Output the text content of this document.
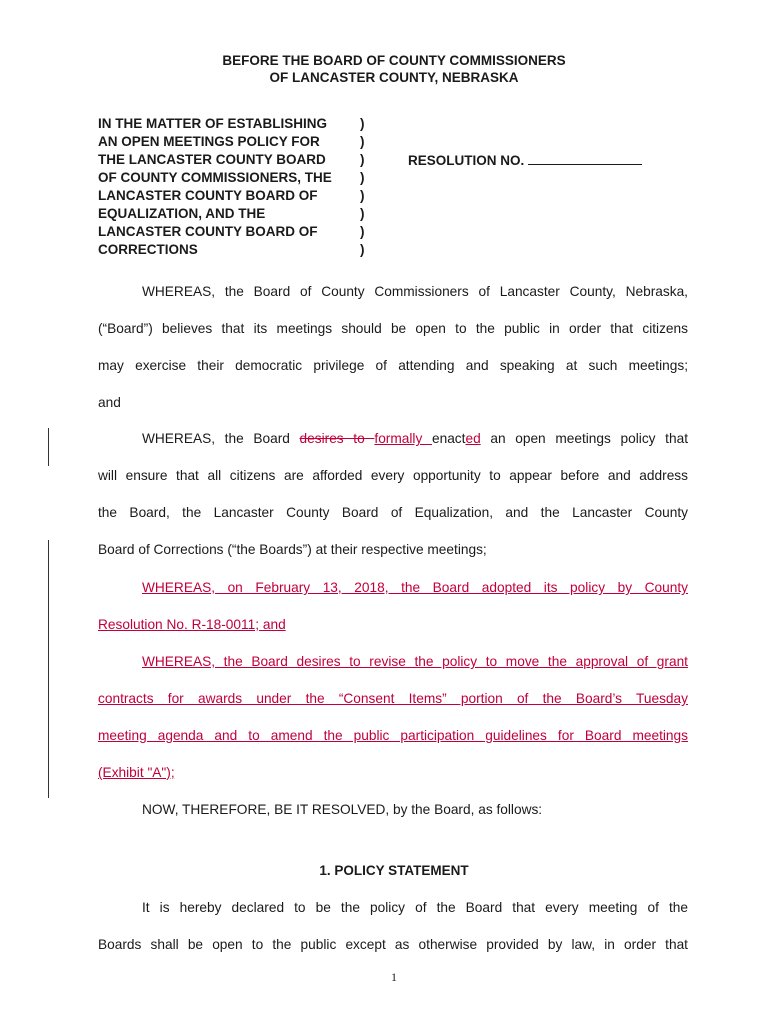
BEFORE THE BOARD OF COUNTY COMMISSIONERS
OF LANCASTER COUNTY, NEBRASKA
IN THE MATTER OF ESTABLISHING )
AN OPEN MEETINGS POLICY FOR	)
THE LANCASTER COUNTY BOARD	)
OF COUNTY COMMISSIONERS, THE )
LANCASTER COUNTY BOARD OF	)
EQUALIZATION, AND THE	)
LANCASTER COUNTY BOARD OF	)
CORRECTIONS	)
RESOLUTION NO.
WHEREAS, the Board of County Commissioners of Lancaster County, Nebraska,
(“Board”) believes that its meetings should be open to the public in order that citizens
may exercise their democratic privilege of attending and speaking at such meetings;
and
WHEREAS, the Board desires to formally enacted an open meetings policy that
will ensure that all citizens are afforded every opportunity to appear before and address
the Board, the Lancaster County Board of Equalization, and the Lancaster County
Board of Corrections (“the Boards”) at their respective meetings;
WHEREAS, on February 13, 2018, the Board adopted its policy by County
Resolution No. R-18-0011; and
WHEREAS, the Board desires to revise the policy to move the approval of grant
contracts for awards under the “Consent Items” portion of the Board’s Tuesday
meeting agenda and to amend the public participation guidelines for Board meetings
(Exhibit "A");
NOW, THEREFORE, BE IT RESOLVED, by the Board, as follows:
1. POLICY STATEMENT
It is hereby declared to be the policy of the Board that every meeting of the
Boards shall be open to the public except as otherwise provided by law, in order that
1
